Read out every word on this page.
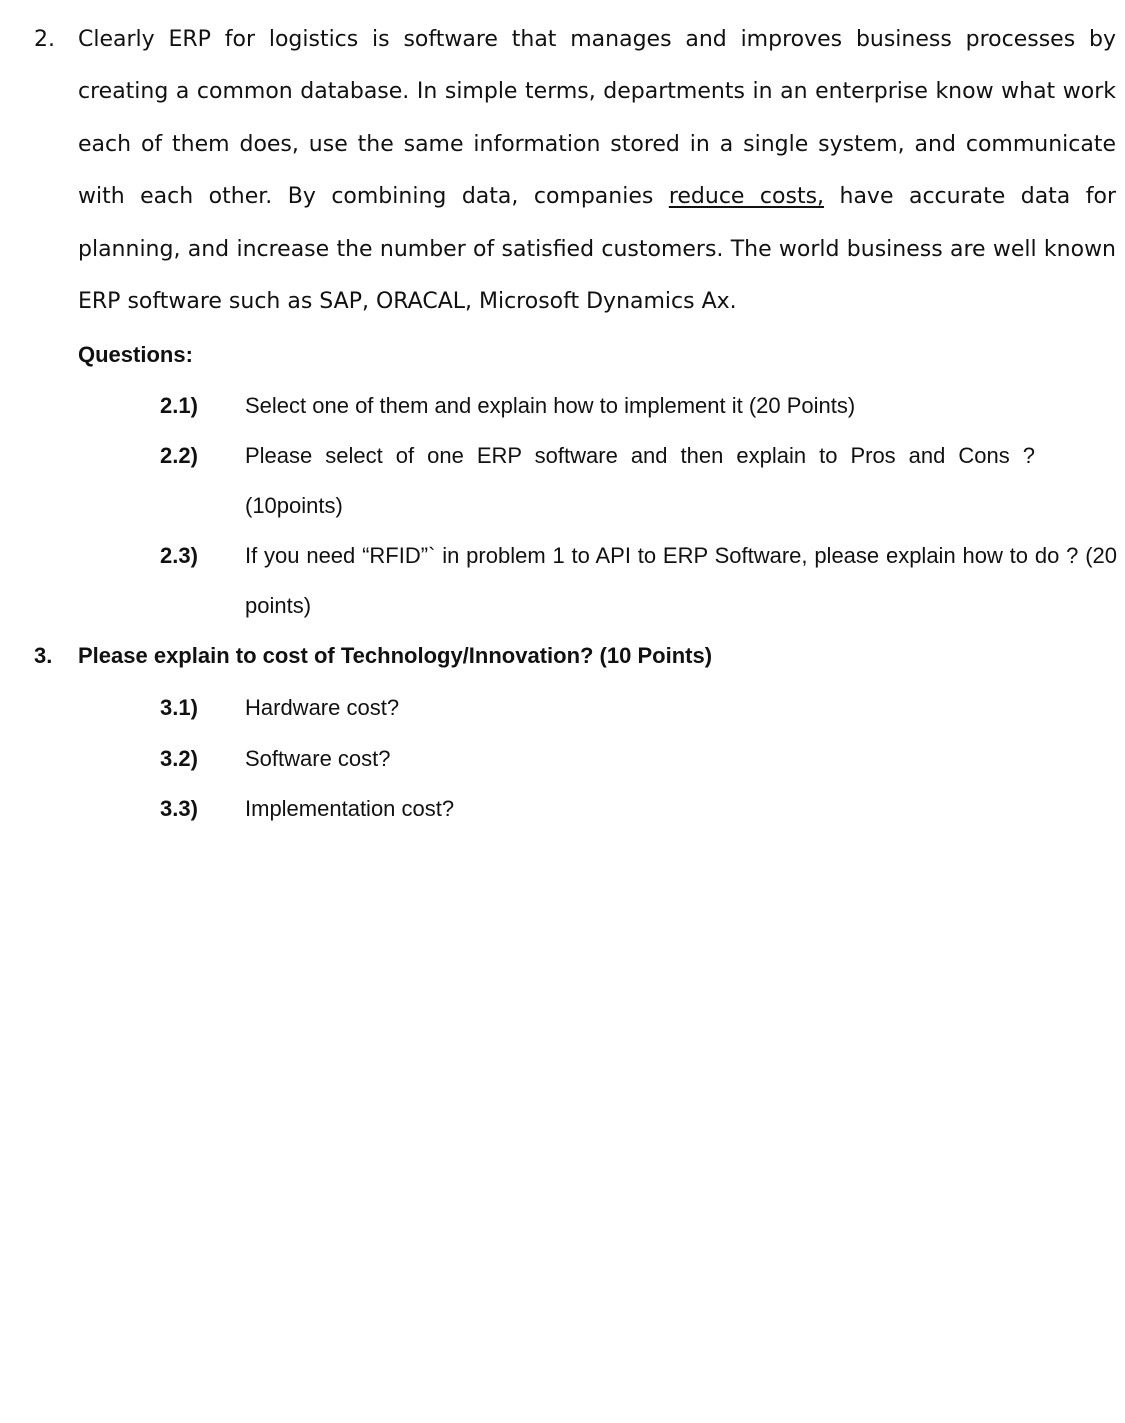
2. Clearly ERP for logistics is software that manages and improves business processes by creating a common database. In simple terms, departments in an enterprise know what work each of them does, use the same information stored in a single system, and communicate with each other. By combining data, companies reduce costs, have accurate data for planning, and increase the number of satisfied customers. The world business are well known ERP software such as SAP, ORACAL, Microsoft Dynamics Ax.

Questions:

2.1) Select one of them and explain how to implement it (20 Points)
2.2) Please select of one ERP software and then explain to Pros and Cons ? (10points)
2.3) If you need “RFID”` in problem 1 to API to ERP Software, please explain how to do ? (20 points)
3. Please explain to cost of Technology/Innovation? (10 Points)
3.1) Hardware cost?
3.2) Software cost?
3.3) Implementation cost?
